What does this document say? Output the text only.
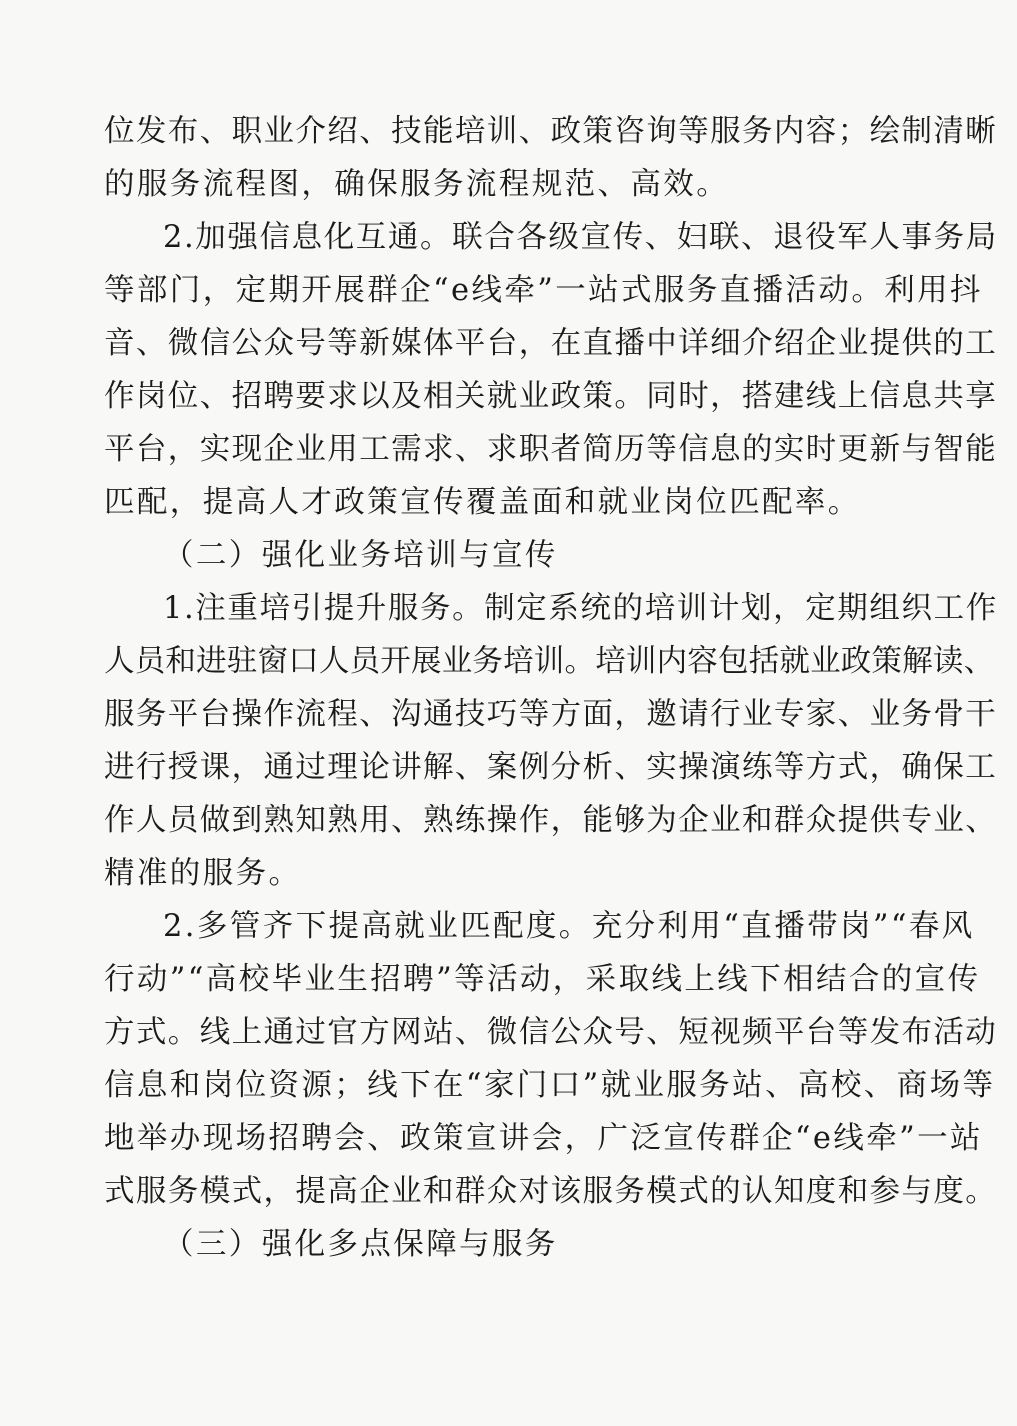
位发布、职业介绍、技能培训、政策咨询等服务内容；绘制清晰
的服务流程图，确保服务流程规范、高效。
2.加强信息化互通。联合各级宣传、妇联、退役军人事务局
等部门，定期开展群企“e线牵”一站式服务直播活动。利用抖
音、微信公众号等新媒体平台，在直播中详细介绍企业提供的工
作岗位、招聘要求以及相关就业政策。同时，搭建线上信息共享
平台，实现企业用工需求、求职者简历等信息的实时更新与智能
匹配，提高人才政策宣传覆盖面和就业岗位匹配率。
（二）强化业务培训与宣传
1.注重培引提升服务。制定系统的培训计划，定期组织工作
人员和进驻窗口人员开展业务培训。培训内容包括就业政策解读、
服务平台操作流程、沟通技巧等方面，邀请行业专家、业务骨干
进行授课，通过理论讲解、案例分析、实操演练等方式，确保工
作人员做到熟知熟用、熟练操作，能够为企业和群众提供专业、
精准的服务。
2.多管齐下提高就业匹配度。充分利用“直播带岗”“春风
行动”“高校毕业生招聘”等活动，采取线上线下相结合的宣传
方式。线上通过官方网站、微信公众号、短视频平台等发布活动
信息和岗位资源；线下在“家门口”就业服务站、高校、商场等
地举办现场招聘会、政策宣讲会，广泛宣传群企“e线牵”一站
式服务模式，提高企业和群众对该服务模式的认知度和参与度。
（三）强化多点保障与服务
